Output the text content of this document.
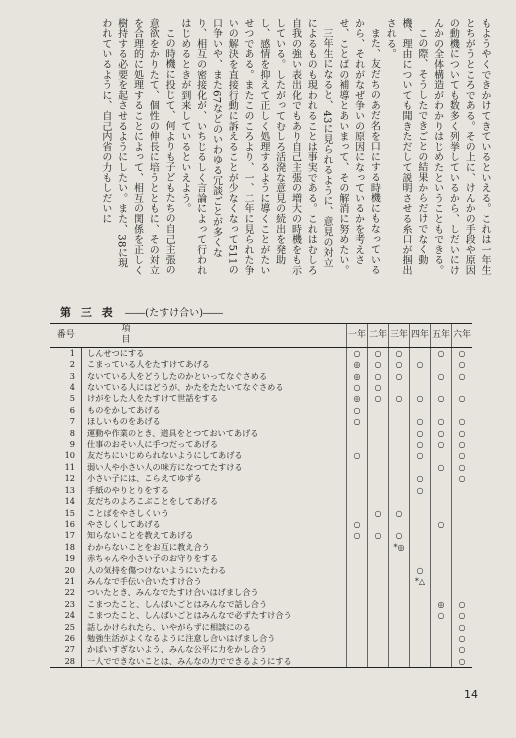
もようやくできかけてきているといえる。これは一年生とちがうところである。その上に、けんかの手段や原因の動機についても数多く列挙しているから、しだいにけんかの全体構造がわかりはじめたということもできる。

この際、そうしたできごとの結果からだけでなく動機、理由についても聞きただして説明させる糸口が掴出される。

また、友だちのあだ名を口にする時機にもなっているから、それがなぜ争いの原因になっているかを考えさせ、ことばの補導とあいまって、その解消に努めたい。

三年生になると、43に見られるように、意見の対立によるものも現われることは事実である。これはむしろ自我の強い表出化でもあり自己主張の増大の時機をも示している。したがってむしろ活溌な意見の続出を発助し、感情を抑えて正しく処理するように導くことがたいせつである。またこのころより、一、二年に見られた争いの解決を直接行動に訴えることが少なくなって511の口争いや、また67などのいわゆる冗談ごとが多くなり、相互の密接化が、いちじるしく言論によって行われはじめるときが到来しているといえよう。

この時機に投じて、何よりも子どもたちの自己主張の意欲をかりたて、個性の伸長に培うとともに、その対立を合理的に処理することによって、相互の関係を正しく樹持する必要を起させるようにしたい。また、38に現われているように、自己内省の力もしだいに

第 三 表 ――(たすけ合い)――
番号	項目	一年	二年	三年	四年	五年	六年
1	しんせつにする	○	○	○		○	○
2	こまっている人をたすけてあげる	◎	○	○	○		○
3	ないている人をどうしたのかといってなぐさめる	◎	○	○		○	○
4	ないている人にはどうが、かたをたたいてなぐさめる	○	○				
5	けがをした人をたすけて世話をする	◎	○	○	○	○	○
6	ものをかしてあげる	○					
7	ほしいものをあげる	○			○	○	○
8	運動や作業のとき、道具をとつておいてあげる				○	○	○
9	仕事のおそい人に手つだってあげる				○	○	○
10	友だちにいじめられないようにしてあげる	○			○		○
11	弱い人や小さい人の味方になつてたすける					○	○
12	小さい子には、こらえてゆずる				○		○
13	手紙のやりとりをする				○		
14	友だちのよろこぶことをしてあげる						
15	ことばをやさしくいう		○	○			
16	やさしくしてあげる	○				○	
17	知らないことを教えてあげる	○	○	○			
18	わからないことをお互に教え合う			*◎			
19	赤ちゃんや小さい子のお守りをする						
20	人の気持を傷つけないようにいたわる				○		
21	みんなで手伝い合いたすけ合う				*△		
22	ついたとき、みんなでたすけ合いはげまし合う						
23	こまつたこと、しんぱいごとはみんなで話し合う					◎	○
24	こまつたこと、しんぱいごとはみんなで必ずたすけ合う					○	○
25	話しかけられたら、いやがらずに相談にのる						○
26	勉強生活がよくなるように注意し合いはげまし合う						○
27	かばいすぎないよう、みんな公平に力をかし合う						○
28	一人でできないことは、みんなの力でできるようにする						○
14
